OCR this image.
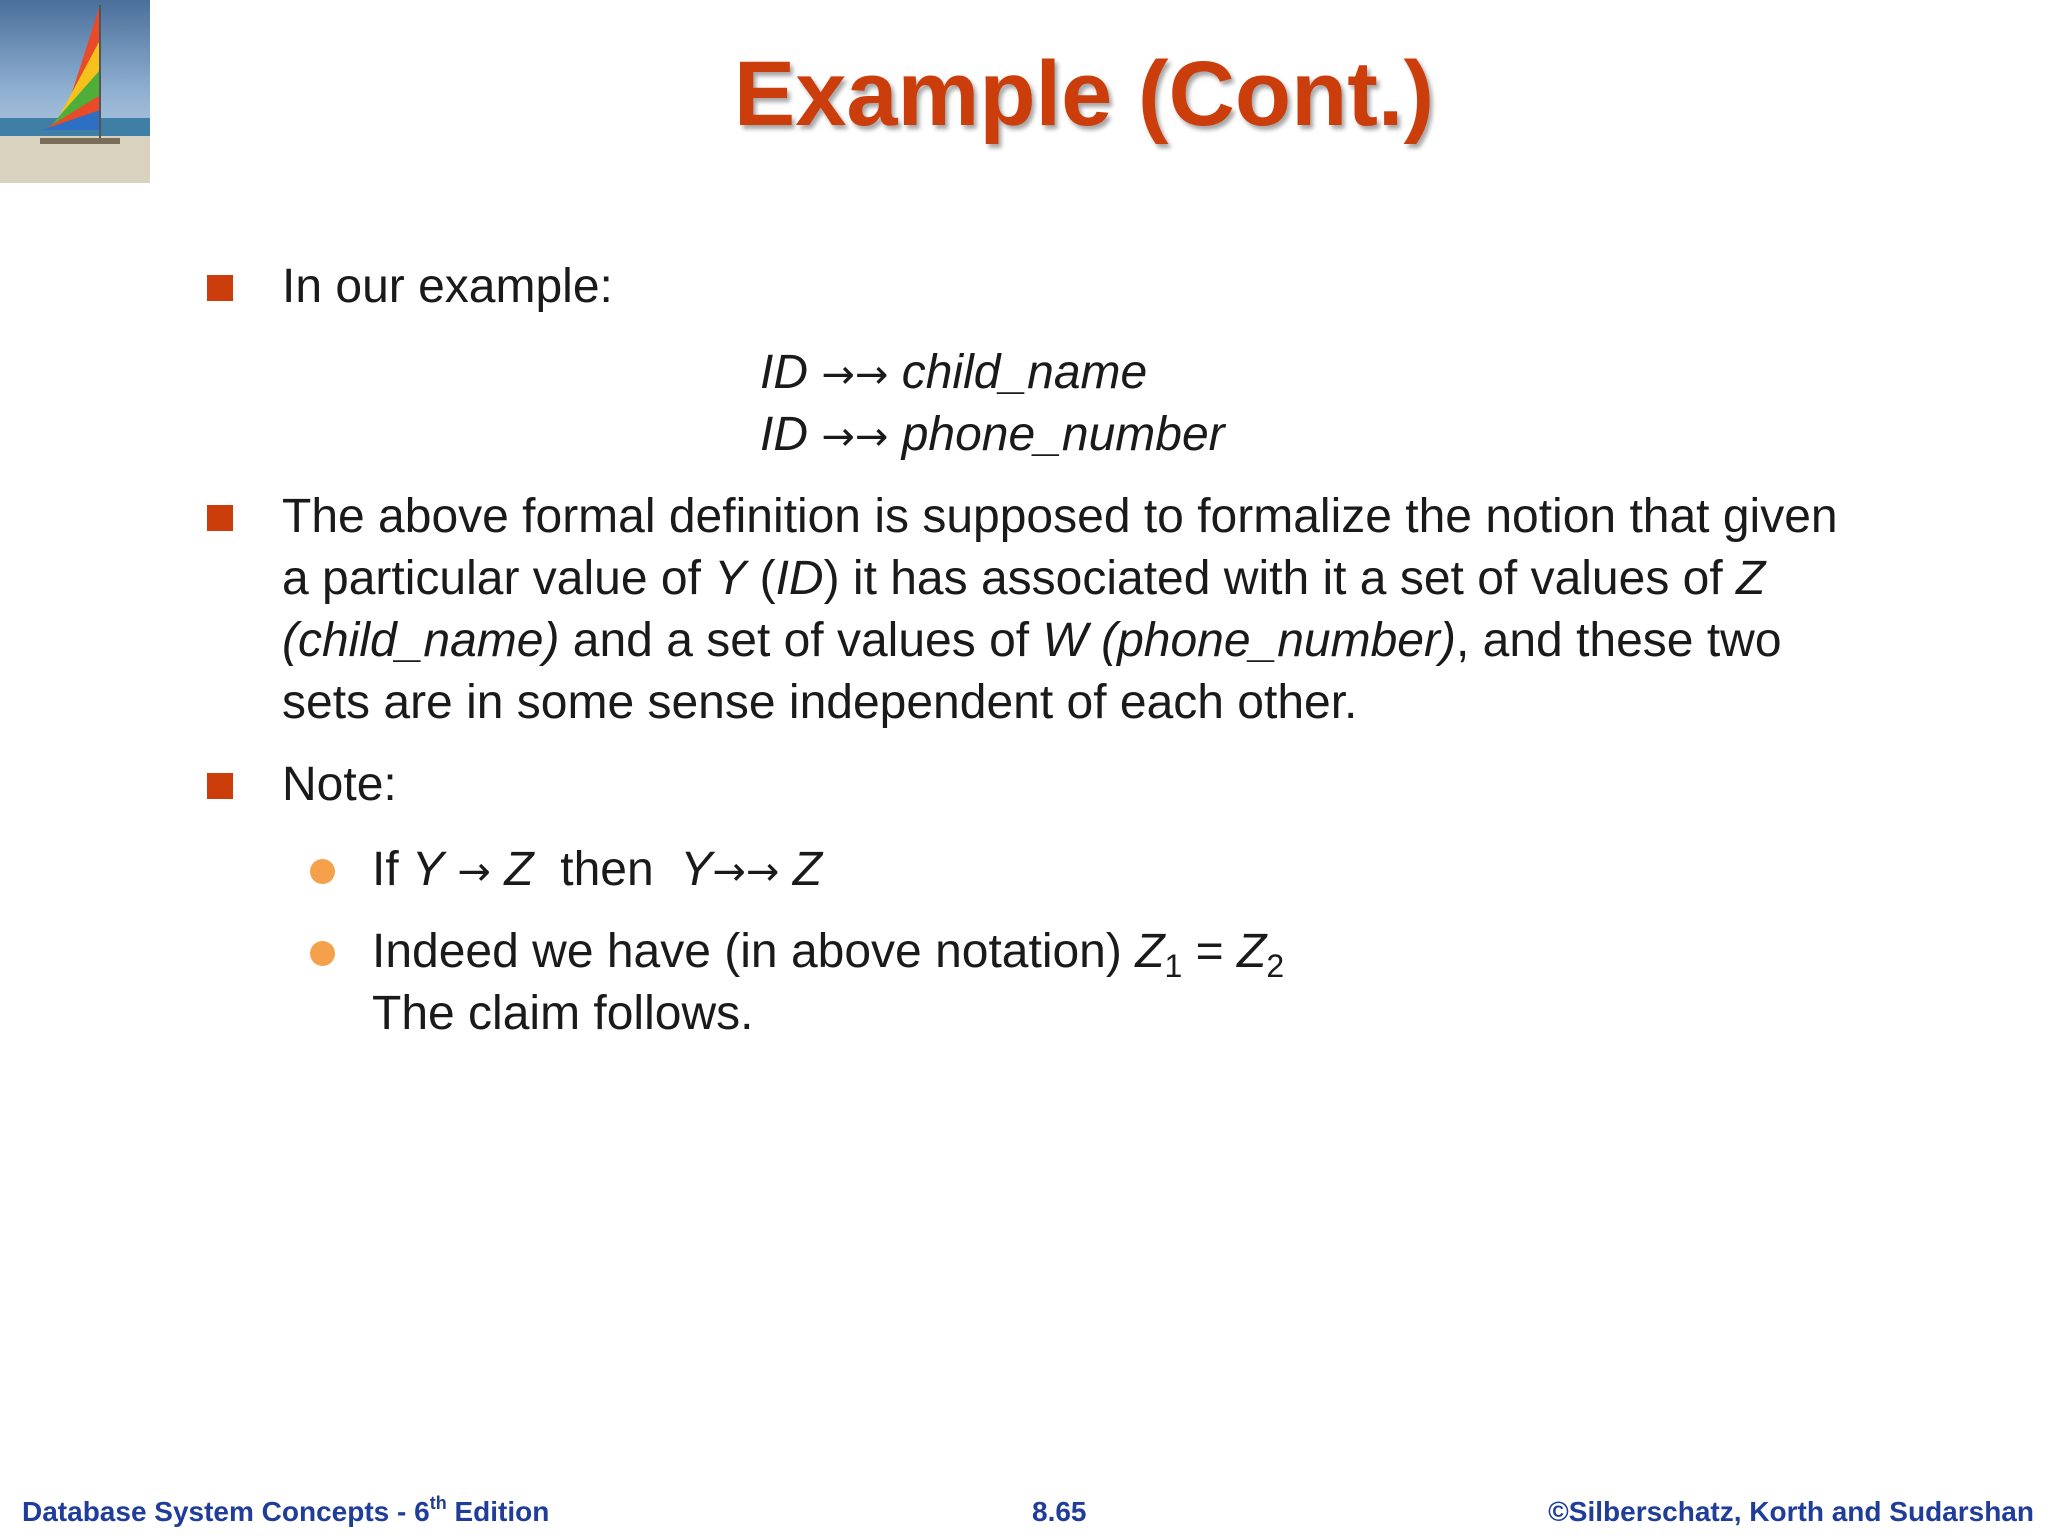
Example (Cont.)
In our example:
ID →→ child_name
ID →→ phone_number
The above formal definition is supposed to formalize the notion that given
a particular value of Y (ID) it has associated with it a set of values of Z
(child_name) and a set of values of W (phone_number), and these two
sets are in some sense independent of each other.
Note:
If Y → Z then Y→→ Z
Indeed we have (in above notation) $Z_1 = Z_2$
The claim follows.
Database System Concepts - 6th Edition	8.65	©Silberschatz, Korth and Sudarshan
